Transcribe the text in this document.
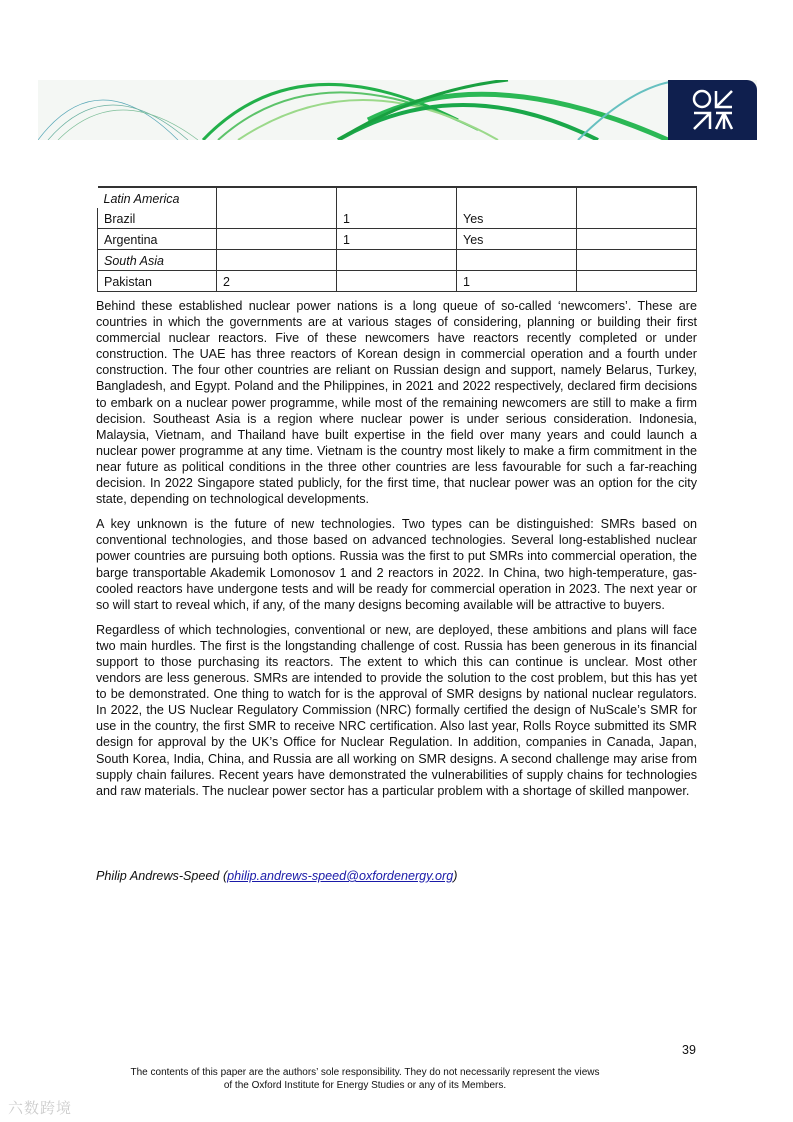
Latin America				
Brazil		1	Yes	
Argentina		1	Yes	
South Asia				
Pakistan	2		1	

Behind these established nuclear power nations is a long queue of so-called ‘newcomers’. These are countries in which the governments are at various stages of considering, planning or building their first commercial nuclear reactors. Five of these newcomers have reactors recently completed or under construction. The UAE has three reactors of Korean design in commercial operation and a fourth under construction. The four other countries are reliant on Russian design and support, namely Belarus, Turkey, Bangladesh, and Egypt. Poland and the Philippines, in 2021 and 2022 respectively, declared firm decisions to embark on a nuclear power programme, while most of the remaining newcomers are still to make a firm decision. Southeast Asia is a region where nuclear power is under serious consideration. Indonesia, Malaysia, Vietnam, and Thailand have built expertise in the field over many years and could launch a nuclear power programme at any time. Vietnam is the country most likely to make a firm commitment in the near future as political conditions in the three other countries are less favourable for such a far-reaching decision. In 2022 Singapore stated publicly, for the first time, that nuclear power was an option for the city state, depending on technological developments.

A key unknown is the future of new technologies. Two types can be distinguished: SMRs based on conventional technologies, and those based on advanced technologies. Several long-established nuclear power countries are pursuing both options. Russia was the first to put SMRs into commercial operation, the barge transportable Akademik Lomonosov 1 and 2 reactors in 2022. In China, two high-temperature, gas-cooled reactors have undergone tests and will be ready for commercial operation in 2023. The next year or so will start to reveal which, if any, of the many designs becoming available will be attractive to buyers.

Regardless of which technologies, conventional or new, are deployed, these ambitions and plans will face two main hurdles. The first is the longstanding challenge of cost. Russia has been generous in its financial support to those purchasing its reactors. The extent to which this can continue is unclear. Most other vendors are less generous. SMRs are intended to provide the solution to the cost problem, but this has yet to be demonstrated. One thing to watch for is the approval of SMR designs by national nuclear regulators. In 2022, the US Nuclear Regulatory Commission (NRC) formally certified the design of NuScale’s SMR for use in the country, the first SMR to receive NRC certification. Also last year, Rolls Royce submitted its SMR design for approval by the UK’s Office for Nuclear Regulation. In addition, companies in Canada, Japan, South Korea, India, China, and Russia are all working on SMR designs. A second challenge may arise from supply chain failures. Recent years have demonstrated the vulnerabilities of supply chains for technologies and raw materials. The nuclear power sector has a particular problem with a shortage of skilled manpower.

Philip Andrews-Speed (philip.andrews-speed@oxfordenergy.org)
39
The contents of this paper are the authors’ sole responsibility. They do not necessarily represent the views
of the Oxford Institute for Energy Studies or any of its Members.
六数跨境
